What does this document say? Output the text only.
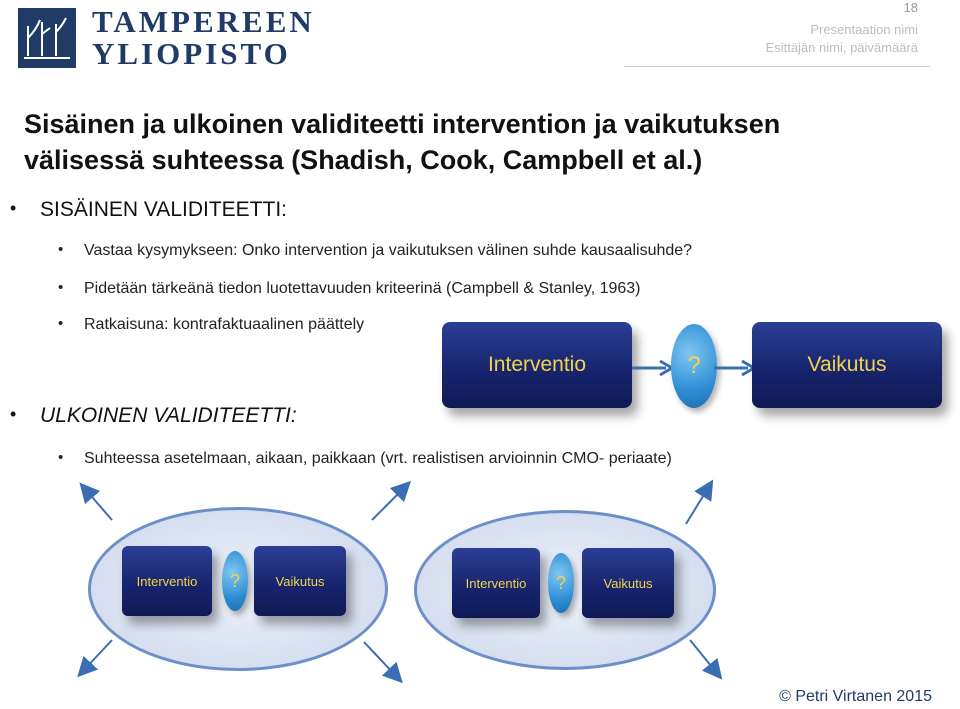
TAMPEREEN
YLIOPISTO
18
Presentaation nimi
Esittäjän nimi, päivämäärä
Sisäinen ja ulkoinen validiteetti intervention ja vaikutuksen välisessä suhteessa (Shadish, Cook, Campbell et al.)
• SISÄINEN VALIDITEETTI:
• Vastaa kysymykseen: Onko intervention ja vaikutuksen välinen suhde kausaalisuhde?
• Pidetään tärkeänä tiedon luotettavuuden kriteerinä (Campbell & Stanley, 1963)
• Ratkaisuna: kontrafaktuaalinen päättely
Interventio	?	Vaikutus
• ULKOINEN VALIDITEETTI:
• Suhteessa asetelmaan, aikaan, paikkaan (vrt. realistisen arvioinnin CMO- periaate)
Interventio ?	Vaikutus	Interventio ?	Vaikutus
© Petri Virtanen 2015
